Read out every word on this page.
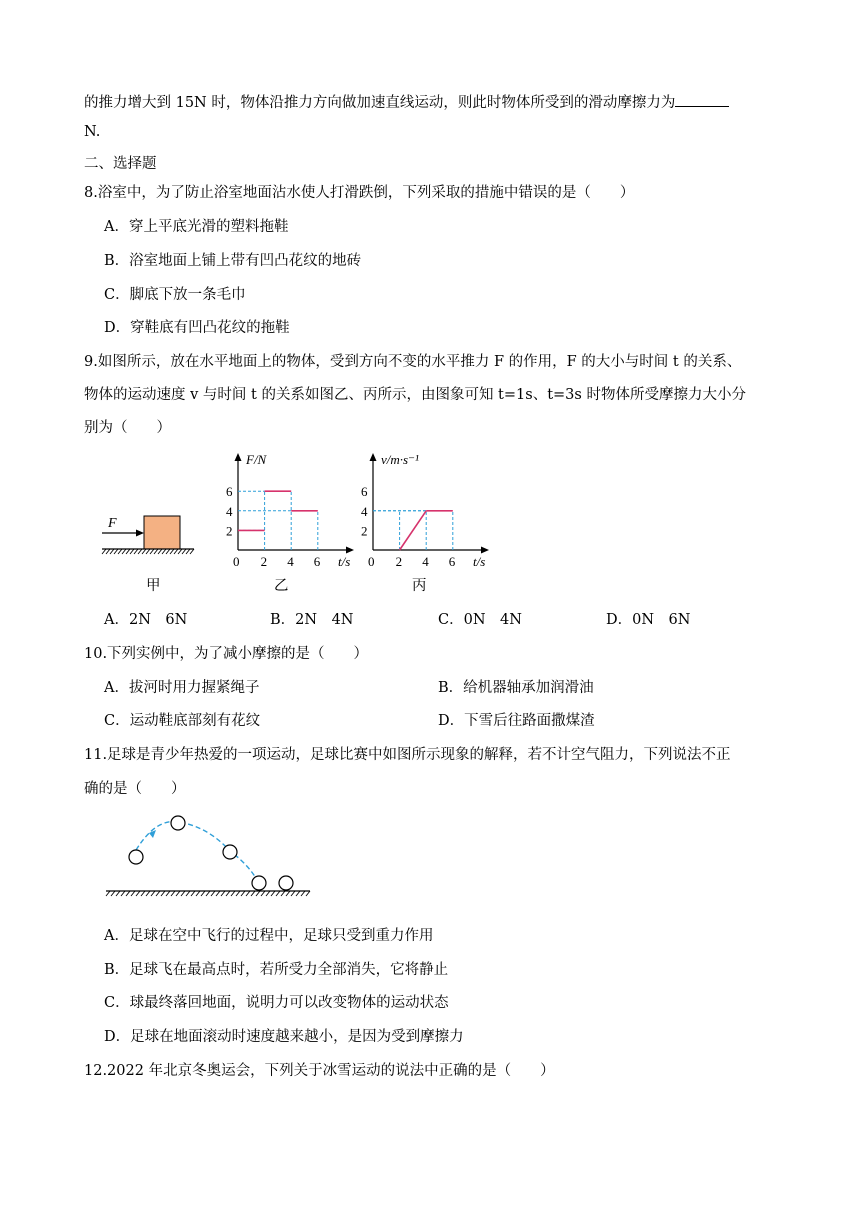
的推力增大到 15N 时，物体沿推力方向做加速直线运动，则此时物体所受到的滑动摩擦力为
N.
二、选择题
8.浴室中，为了防止浴室地面沾水使人打滑跌倒，下列采取的措施中错误的是（　　）
A．穿上平底光滑的塑料拖鞋
B．浴室地面上铺上带有凹凸花纹的地砖
C．脚底下放一条毛巾
D．穿鞋底有凹凸花纹的拖鞋
9.如图所示，放在水平地面上的物体，受到方向不变的水平推力 F 的作用，F 的大小与时间 t 的关系、
物体的运动速度 v 与时间 t 的关系如图乙、丙所示，由图象可知 t=1s、t=3s 时物体所受摩擦力大小分
别为（　　）
F
甲
F/N
t/s
0 2 4 6
2
4
6
乙
v/m·s⁻¹
t/s
0 2 4 6
2
4
6
丙
A．2N　6N	B．2N　4N	C．0N　4N	D．0N　6N
10.下列实例中，为了减小摩擦的是（　　）
A．拔河时用力握紧绳子	B．给机器轴承加润滑油
C．运动鞋底部刻有花纹	D．下雪后往路面撒煤渣
11.足球是青少年热爱的一项运动，足球比赛中如图所示现象的解释，若不计空气阻力，下列说法不正
确的是（　　）
A．足球在空中飞行的过程中，足球只受到重力作用
B．足球飞在最高点时，若所受力全部消失，它将静止
C．球最终落回地面，说明力可以改变物体的运动状态
D．足球在地面滚动时速度越来越小，是因为受到摩擦力
12.2022 年北京冬奥运会，下列关于冰雪运动的说法中正确的是（　　）
